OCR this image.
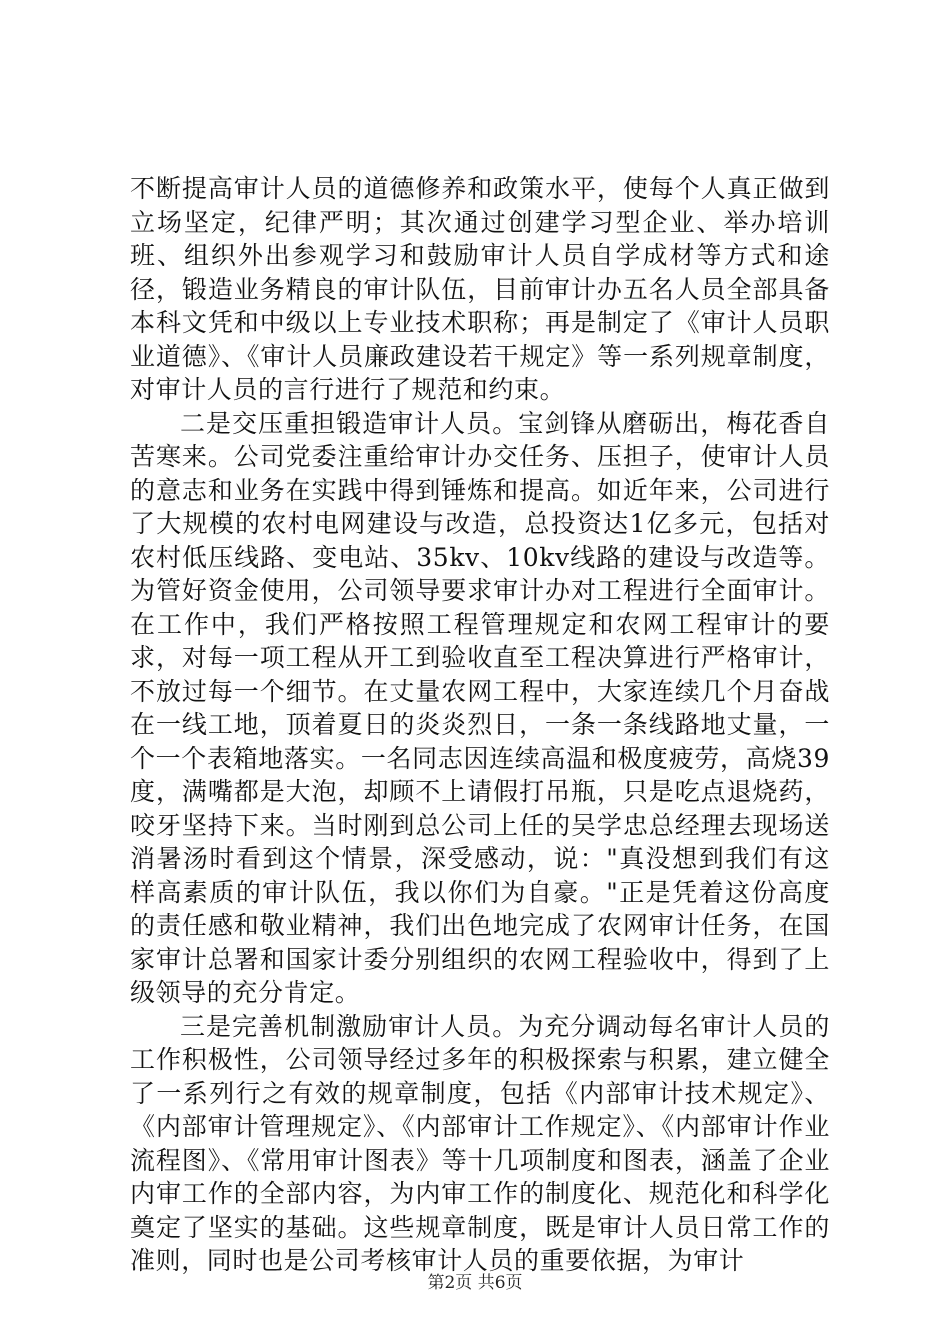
不断提高审计人员的道德修养和政策水平，使每个人真正做到立场坚定，纪律严明；其次通过创建学习型企业、举办培训班、组织外出参观学习和鼓励审计人员自学成材等方式和途径，锻造业务精良的审计队伍，目前审计办五名人员全部具备本科文凭和中级以上专业技术职称；再是制定了《审计人员职业道德》、《审计人员廉政建设若干规定》等一系列规章制度，对审计人员的言行进行了规范和约束。

二是交压重担锻造审计人员。宝剑锋从磨砺出，梅花香自苦寒来。公司党委注重给审计办交任务、压担子，使审计人员的意志和业务在实践中得到锤炼和提高。如近年来，公司进行了大规模的农村电网建设与改造，总投资达1亿多元，包括对农村低压线路、变电站、35kv、10kv线路的建设与改造等。为管好资金使用，公司领导要求审计办对工程进行全面审计。在工作中，我们严格按照工程管理规定和农网工程审计的要求，对每一项工程从开工到验收直至工程决算进行严格审计，不放过每一个细节。在丈量农网工程中，大家连续几个月奋战在一线工地，顶着夏日的炎炎烈日，一条一条线路地丈量，一个一个表箱地落实。一名同志因连续高温和极度疲劳，高烧39度，满嘴都是大泡，却顾不上请假打吊瓶，只是吃点退烧药，咬牙坚持下来。当时刚到总公司上任的吴学忠总经理去现场送消暑汤时看到这个情景，深受感动，说："真没想到我们有这样高素质的审计队伍，我以你们为自豪。"正是凭着这份高度的责任感和敬业精神，我们出色地完成了农网审计任务，在国家审计总署和国家计委分别组织的农网工程验收中，得到了上级领导的充分肯定。

三是完善机制激励审计人员。为充分调动每名审计人员的工作积极性，公司领导经过多年的积极探索与积累，建立健全了一系列行之有效的规章制度，包括《内部审计技术规定》、《内部审计管理规定》、《内部审计工作规定》、《内部审计作业流程图》、《常用审计图表》等十几项制度和图表，涵盖了企业内审工作的全部内容，为内审工作的制度化、规范化和科学化奠定了坚实的基础。这些规章制度，既是审计人员日常工作的准则，同时也是公司考核审计人员的重要依据，为审计

第2页 共6页
